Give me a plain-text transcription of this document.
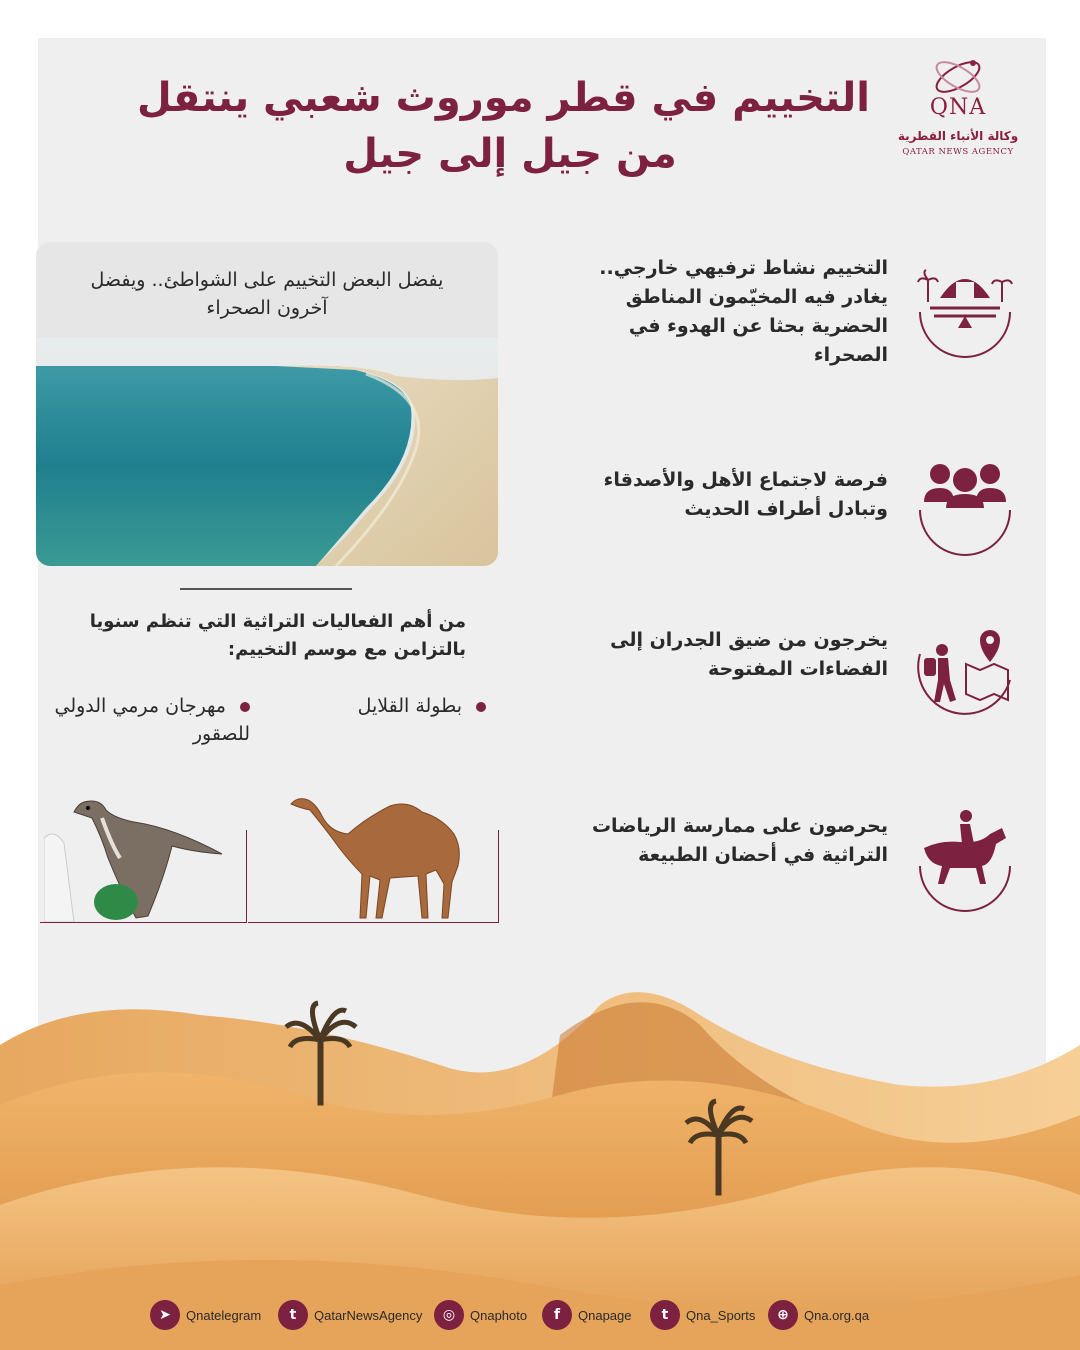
التخييم في قطر موروث شعبي ينتقل
من جيل إلى جيل
QNA
وكالة الأنباء القطرية
QATAR NEWS AGENCY
يفضل البعض التخييم على الشواطئ.. ويفضل آخرون الصحراء
من أهم الفعاليات التراثية التي تنظم سنويا بالتزامن مع موسم التخييم:
بطولة القلايل
مهرجان مرمي الدولي للصقور
التخييم نشاط ترفيهي خارجي.. يغادر فيه المخيّمون المناطق الحضرية بحثا عن الهدوء في الصحراء
فرصة لاجتماع الأهل والأصدقاء وتبادل أطراف الحديث
يخرجون من ضيق الجدران إلى الفضاءات المفتوحة
يحرصون على ممارسة الرياضات التراثية في أحضان الطبيعة
➤	Qnatelegram	t	QatarNewsAgency	◎	Qnaphoto	f	Qnapage	t	Qna_Sports	⊕	Qna.org.qa
